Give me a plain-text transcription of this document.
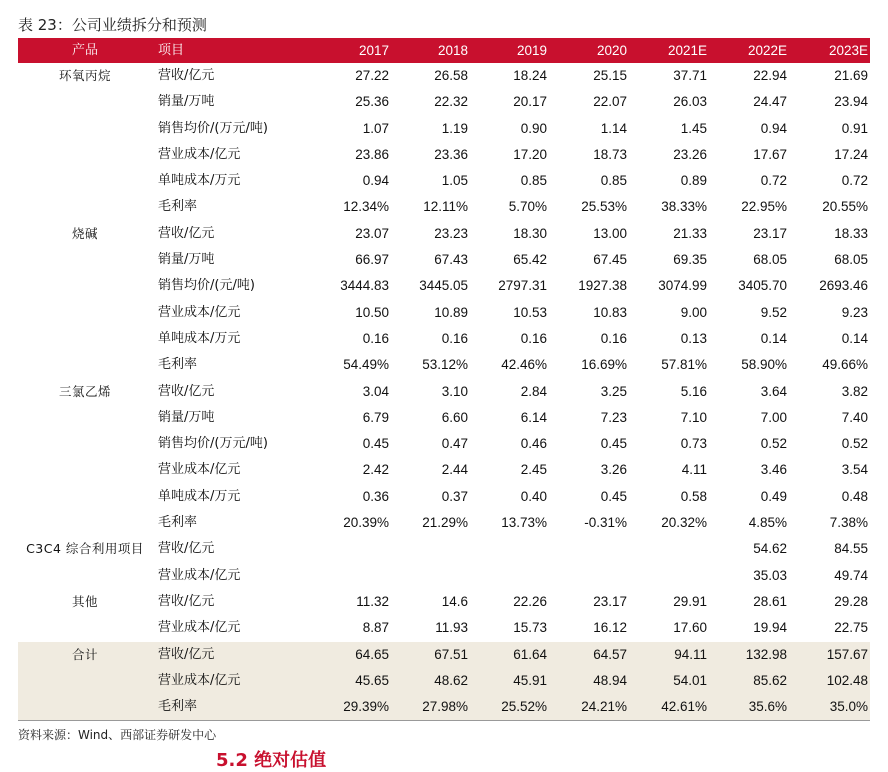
表 23：公司业绩拆分和预测
产品	项目	2017	2018	2019	2020	2021E	2022E	2023E
环氧丙烷	营收/亿元	27.22	26.58	18.24	25.15	37.71	22.94	21.69
	销量/万吨	25.36	22.32	20.17	22.07	26.03	24.47	23.94
	销售均价/(万元/吨)	1.07	1.19	0.90	1.14	1.45	0.94	0.91
	营业成本/亿元	23.86	23.36	17.20	18.73	23.26	17.67	17.24
	单吨成本/万元	0.94	1.05	0.85	0.85	0.89	0.72	0.72
	毛利率	12.34%	12.11%	5.70%	25.53%	38.33%	22.95%	20.55%
烧碱	营收/亿元	23.07	23.23	18.30	13.00	21.33	23.17	18.33
	销量/万吨	66.97	67.43	65.42	67.45	69.35	68.05	68.05
	销售均价/(元/吨)	3444.83	3445.05	2797.31	1927.38	3074.99	3405.70	2693.46
	营业成本/亿元	10.50	10.89	10.53	10.83	9.00	9.52	9.23
	单吨成本/万元	0.16	0.16	0.16	0.16	0.13	0.14	0.14
	毛利率	54.49%	53.12%	42.46%	16.69%	57.81%	58.90%	49.66%
三氯乙烯	营收/亿元	3.04	3.10	2.84	3.25	5.16	3.64	3.82
	销量/万吨	6.79	6.60	6.14	7.23	7.10	7.00	7.40
	销售均价/(万元/吨)	0.45	0.47	0.46	0.45	0.73	0.52	0.52
	营业成本/亿元	2.42	2.44	2.45	3.26	4.11	3.46	3.54
	单吨成本/万元	0.36	0.37	0.40	0.45	0.58	0.49	0.48
	毛利率	20.39%	21.29%	13.73%	-0.31%	20.32%	4.85%	7.38%
C3C4 综合利用项目	营收/亿元						54.62	84.55
	营业成本/亿元						35.03	49.74
其他	营收/亿元	11.32	14.6	22.26	23.17	29.91	28.61	29.28
	营业成本/亿元	8.87	11.93	15.73	16.12	17.60	19.94	22.75
合计	营收/亿元	64.65	67.51	61.64	64.57	94.11	132.98	157.67
	营业成本/亿元	45.65	48.62	45.91	48.94	54.01	85.62	102.48
	毛利率	29.39%	27.98%	25.52%	24.21%	42.61%	35.6%	35.0%
资料来源：Wind、西部证券研发中心
5.2 绝对估值
